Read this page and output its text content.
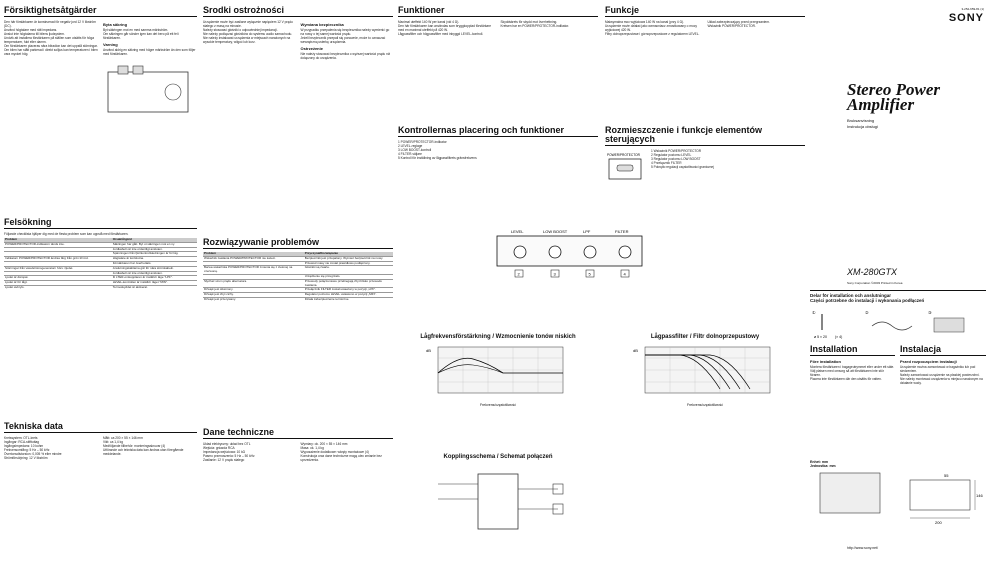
Försiktighetsåtgärder
Den här förstärkaren är konstruerad för negativ jord 12 V likström (DC).
Använd högtalare med rätt impedans.
Anslut inte högtalarna till bilens ljudsystem.
Undvik att installera förstärkaren på ställen som utsätts för höga temperaturer, fukt eller damm.
Om förstärkaren placeras nära bilradion kan det uppstå störningar.
Om bilen har stått parkerad i direkt solljus kan temperaturen i bilen vara mycket hög.
Byta säkring
Byt säkringen mot en med samma märkström.
Om säkringen går sönder igen kan det bero på ett fel i förstärkaren.
Varning
Använd aldrig en säkring med högre märkström än den som följer med förstärkaren.
Felsökning
Följande checklista hjälper dig med de flesta problem som kan uppstå med förstärkaren.
Problem	Orsak/Åtgärd
POWER/PROTECTOR-indikatorn tänds inte.	Säkringen har gått. Byt ut säkringen mot en ny.
	Jordkabeln är inte ordentligt ansluten.
	Spänningen från fjärrkontrollsledningen är för låg.
Indikatorn POWER/PROTECTOR ändras färg från grön till röd.	Högtalare är kortslutna.
	Förstärkaren har överhettats.
Störningar från växelströmsgeneratorn hörs i ljudet.	Anslutningskablarna går för nära strömkabeln.
	Jordkabeln är inte ordentligt ansluten.
Ljudet är dämpat.	Fi LTER-omkopplaren är inställd i läge "LPF".
Ljudet är för lågt.	LEVEL-kontrollen är inställd i läget "MIN".
Ljudet avbryts.	Termoskyddet är aktiverat.
Tekniska data
Kretssystem: OTL-krets
Ingångar: RCA-stifttuttag
Ingångsimpedans: 10 kohm
Frekvensomfång: 5 Hz – 50 kHz
Övertonsdistorsion: 0,005 % eller mindre
Strömförsörjning: 12 V likström
Mått: ca 200 × 55 × 146 mm
Vikt: ca 1,4 kg
Medföljande tillbehör: monteringsskruvar (4)
Utförande och tekniska data kan ändras utan föregående meddelande.
Środki ostrożności
Urządzenie może być zasilane wyłącznie napięciem 12 V prądu stałego z masą na minusie.
Należy stosować głośniki o odpowiedniej impedancji.
Nie należy podłączać głośników do systemu audio samochodu.
Nie należy instalować urządzenia w miejscach narażonych na wysokie temperatury, wilgoć lub kurz.
Wymiana bezpiecznika
W przypadku przepalenia się bezpiecznika należy wymienić go na nowy o tej samej wartości prądu.
Jeżeli bezpiecznik przepali się ponownie, może to oznaczać wewnętrzną usterkę urządzenia.
Ostrzeżenie
Nie należy stosować bezpiecznika o wyższej wartości prądu niż dołączony do urządzenia.
Rozwiązywanie problemów
Problem	Przyczyna/Rozwiązanie
Wskaźnik zasilania POWER/PROTECTOR nie świeci.	Bezpiecznik jest przepalony. Wymień bezpiecznik na nowy.
	Przewód masy nie został prawidłowo podłączony.
Barwa wskaźnika POWER/PROTECTOR zmienia się z zielonej na czerwoną.	Głośniki są zwarte.
	Urządzenie się przegrzało.
Słychać szum prądu alternatora.	Przewody połączeniowe przebiegają zbyt blisko przewodu zasilania.
Dźwięk jest stłumiony.	Przełącznik FILTER został ustawiony w pozycji „LPF”.
Dźwięk jest zbyt cichy.	Regulator poziomu LEVEL ustawiono w pozycji „MIN”.
Dźwięk jest przerywany.	Działa zabezpieczenie termiczne.
Dane techniczne
Układ elektryczny: układ bez OTL
Wejścia: gniazda RCA
Impedancja wejściowa: 10 kΩ
Pasmo przenoszenia: 5 Hz – 50 kHz
Zasilanie: 12 V prądu stałego
Wymiary: ok. 200 × 55 × 146 mm
Masa: ok. 1,4 kg
Wyposażenie dodatkowe: wkręty montażowe (4)
Konstrukcja oraz dane techniczne mogą ulec zmianie bez uprzedzenia.
Funktioner
Maximal uteffekt 140 W per kanal (vid 4 Ω).
Den här förstärkaren kan användas som bryggkopplad förstärkare med en maximal uteffekt på 420 W.
Lågpassfilter och högpassfilter med inbyggd LEVEL-kontroll.
Skyddskrets för skydd mot överhettning.
Kretsen har en POWER/PROTECTOR-indikator.
Kontrollernas placering och funktioner
1 POWER/PROTECTOR-indikator
2 LEVEL-reglage
3 LOW BOOST-kontroll
4 FILTER-väljare
5 Kontroll för inställning av lågpassfiltrets gränsfrekvens
Lågfrekvensförstärkning / Wzmocnienie tonów niskich
dB
Frekvens/częstotliwość
Kopplingsschema / Schemat połączeń
LEVEL	LOW BOOST	LPF	FILTER
2	3	5	4
Funkcje
Maksymalna moc wyjściowa 140 W na kanał (przy 4 Ω).
Urządzenie może działać jako wzmacniacz zmostkowany o mocy wyjściowej 420 W.
Filtry dolnoprzepustowe i górnoprzepustowe z regulatorem LEVEL.
Układ zabezpieczający przed przegrzaniem.
Wskaźnik POWER/PROTECTOR.
Rozmieszczenie i funkcje elementów sterujących
POWER/PROTECTOR
1 Wskaźnik POWER/PROTECTOR
2 Regulator poziomu LEVEL
3 Regulator poziomu LOW BOOST
4 Przełącznik FILTER
5 Pokrętło regulacji częstotliwości granicznej
Lågpassfilter / Filtr dolnoprzepustowy
dB
Frekvens/częstotliwość
3-252-659-81 (1)
SONY
Stereo Power Amplifier
Bruksanvisning
Instrukcja obsługi
XM-280GTX
Sony Corporation ©2003 Printed in Korea
Delar för installation och anslutningar
Części potrzebne do instalacji i wykonania podłączeń
①
ø 5 × 20 (× 4)
②	③
Installation
Före installation
Montera förstärkaren i bagageutrymmet eller under ett säte.
Välj platsen med omsorg så att förstärkaren inte stör föraren.
Placera inte förstärkaren där den utsätts för vatten.
Instalacja
Przed rozpoczęciem instalacji
Urządzenie można zamontować w bagażniku lub pod siedzeniem.
Należy zamontować urządzenie na płaskiej powierzchni.
Nie należy montować urządzenia w miejscu narażonym na działanie wody.
Enhet: mm
Jednostka: mm
200
146
55
http://www.sony.net/
